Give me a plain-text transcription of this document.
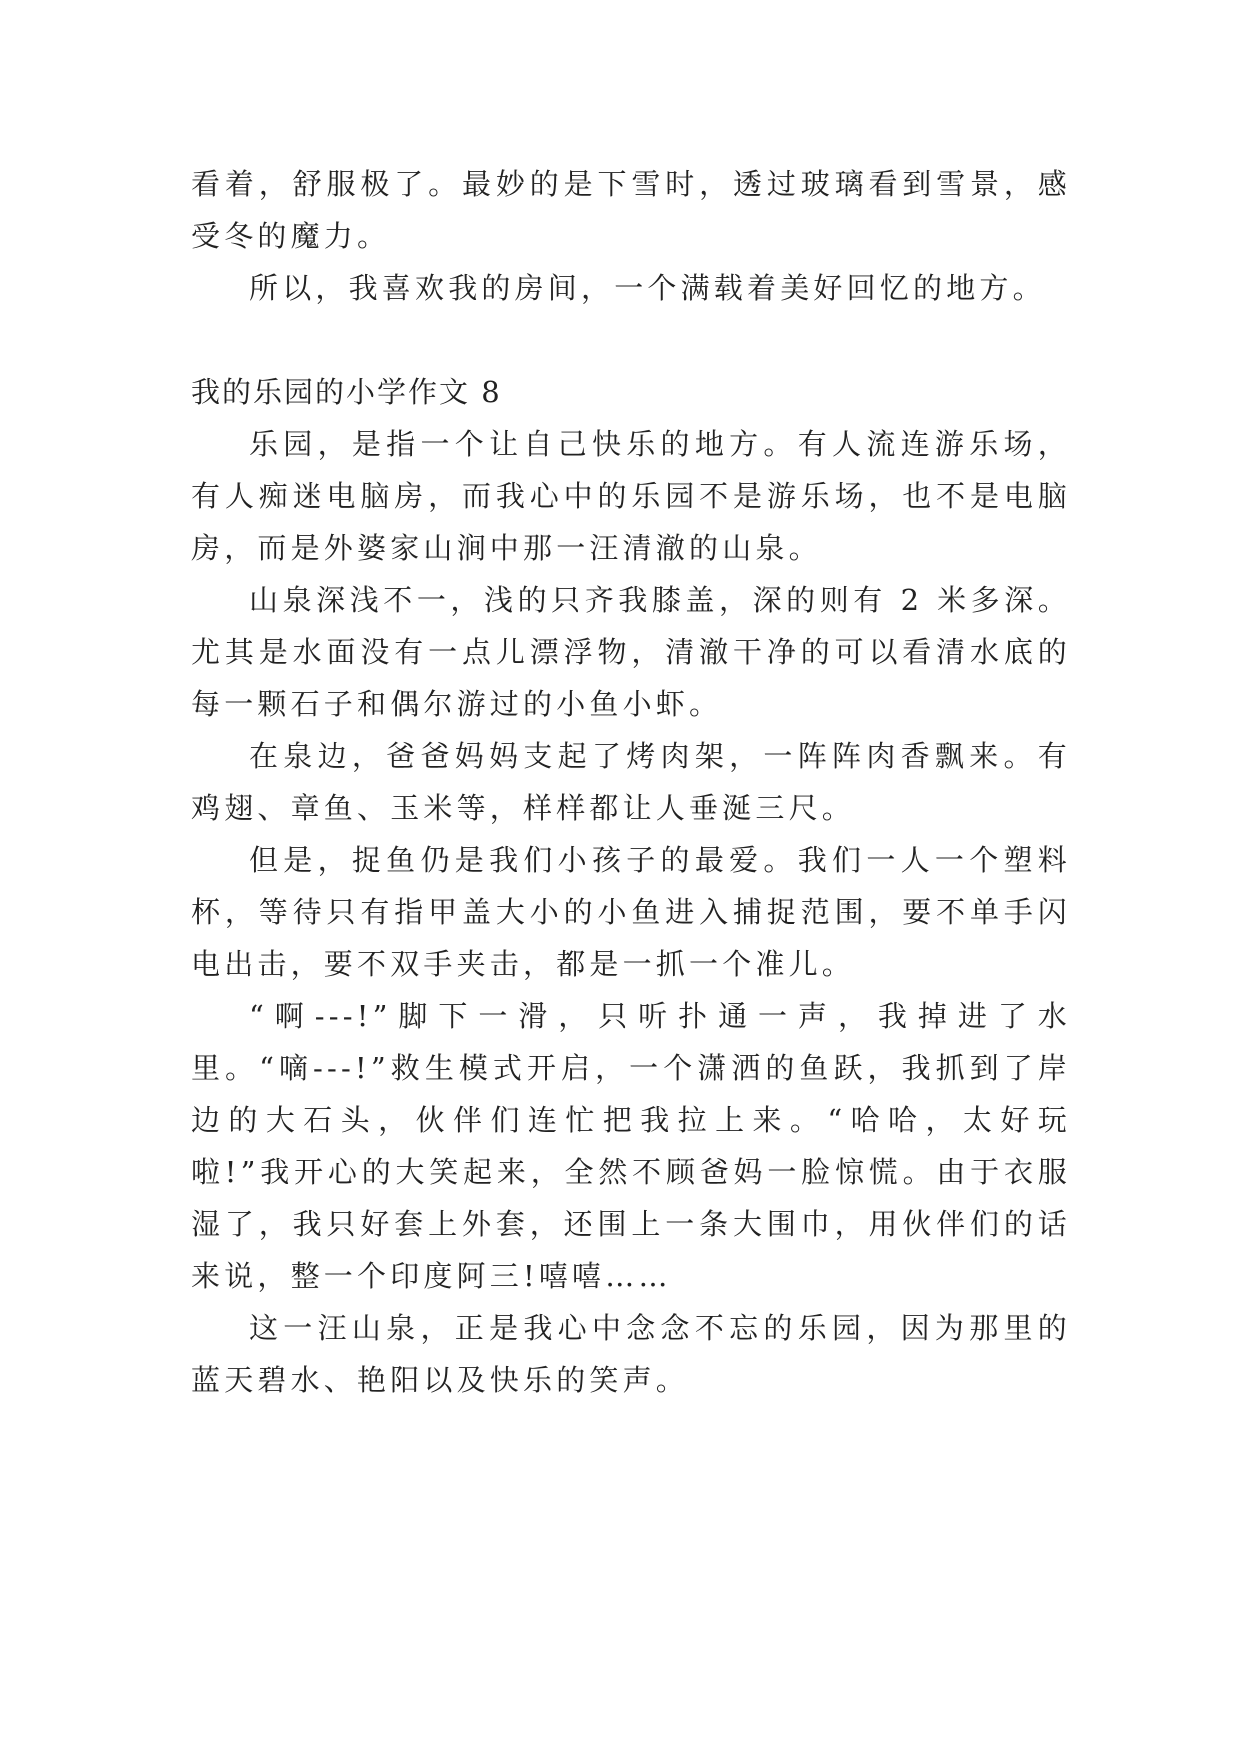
看着，舒服极了。最妙的是下雪时，透过玻璃看到雪景，感受冬的魔力。

所以，我喜欢我的房间，一个满载着美好回忆的地方。

我的乐园的小学作文 8

乐园，是指一个让自己快乐的地方。有人流连游乐场，有人痴迷电脑房，而我心中的乐园不是游乐场，也不是电脑房，而是外婆家山涧中那一汪清澈的山泉。

山泉深浅不一，浅的只齐我膝盖，深的则有 2 米多深。尤其是水面没有一点儿漂浮物，清澈干净的可以看清水底的每一颗石子和偶尔游过的小鱼小虾。

在泉边，爸爸妈妈支起了烤肉架，一阵阵肉香飘来。有鸡翅、章鱼、玉米等，样样都让人垂涎三尺。

但是，捉鱼仍是我们小孩子的最爱。我们一人一个塑料杯，等待只有指甲盖大小的小鱼进入捕捉范围，要不单手闪电出击，要不双手夹击，都是一抓一个准儿。

“啊---!”脚下一滑，只听扑通一声，我掉进了水里。“嘀---!”救生模式开启，一个潇洒的鱼跃，我抓到了岸边的大石头，伙伴们连忙把我拉上来。“哈哈，太好玩啦!”我开心的大笑起来，全然不顾爸妈一脸惊慌。由于衣服湿了，我只好套上外套，还围上一条大围巾，用伙伴们的话来说，整一个印度阿三!嘻嘻……

这一汪山泉，正是我心中念念不忘的乐园，因为那里的蓝天碧水、艳阳以及快乐的笑声。
